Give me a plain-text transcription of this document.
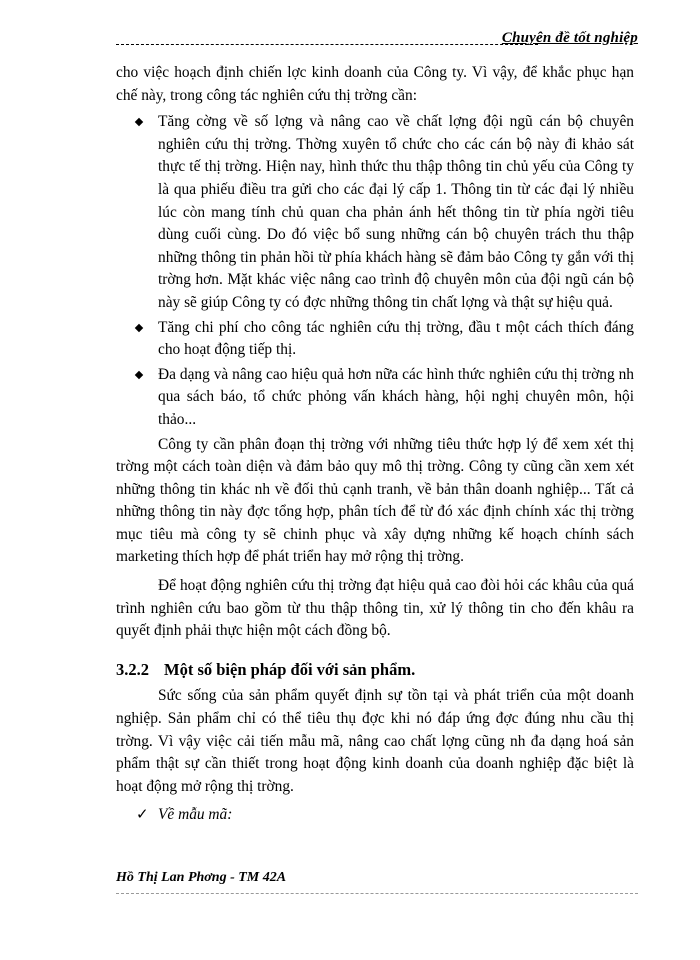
Chuyên đề tốt nghiệp

cho việc hoạch định chiến lợc kinh doanh của Công ty. Vì vậy, để khắc phục hạn chế này, trong công tác nghiên cứu thị trờng cần:

Tăng cờng về số lợng và nâng cao về chất lợng đội ngũ cán bộ chuyên nghiên cứu thị trờng. Thờng xuyên tổ chức cho các cán bộ này đi khảo sát thực tế thị trờng. Hiện nay, hình thức thu thập thông tin chủ yếu của Công ty là qua phiếu điều tra gửi cho các đại lý cấp 1. Thông tin từ các đại lý nhiều lúc còn mang tính chủ quan cha phản ánh hết thông tin từ phía ngời tiêu dùng cuối cùng. Do đó việc bổ sung những cán bộ chuyên trách thu thập những thông tin phản hồi từ phía khách hàng sẽ đảm bảo Công ty gắn với thị trờng hơn. Mặt khác việc nâng cao trình độ chuyên môn của đội ngũ cán bộ này sẽ giúp Công ty có đợc những thông tin chất lợng và thật sự hiệu quả.
Tăng chi phí cho công tác nghiên cứu thị trờng, đầu t một cách thích đáng cho hoạt động tiếp thị.
Đa dạng và nâng cao hiệu quả hơn nữa các hình thức nghiên cứu thị trờng nh qua sách báo, tổ chức phỏng vấn khách hàng, hội nghị chuyên môn, hội thảo...

Công ty cần phân đoạn thị trờng với những tiêu thức hợp lý để xem xét thị trờng một cách toàn diện và đảm bảo quy mô thị trờng. Công ty cũng cần xem xét những thông tin khác nh về đối thủ cạnh tranh, về bản thân doanh nghiệp... Tất cả những thông tin này đợc tổng hợp, phân tích để từ đó xác định chính xác thị trờng mục tiêu mà công ty sẽ chinh phục và xây dựng những kế hoạch chính sách marketing thích hợp để phát triển hay mở rộng thị trờng.

Để hoạt động nghiên cứu thị trờng đạt hiệu quả cao đòi hỏi các khâu của quá trình nghiên cứu bao gồm từ thu thập thông tin, xử lý thông tin cho đến khâu ra quyết định phải thực hiện một cách đồng bộ.

3.2.2 Một số biện pháp đối với sản phẩm.

Sức sống của sản phẩm quyết định sự tồn tại và phát triển của một doanh nghiệp. Sản phẩm chỉ có thể tiêu thụ đợc khi nó đáp ứng đợc đúng nhu cầu thị trờng. Vì vậy việc cải tiến mẫu mã, nâng cao chất lợng cũng nh đa dạng hoá sản phẩm thật sự cần thiết trong hoạt động kinh doanh của doanh nghiệp đặc biệt là hoạt động mở rộng thị trờng.

✓ Về mẫu mã:
Hồ Thị Lan Phơng - TM 42A
